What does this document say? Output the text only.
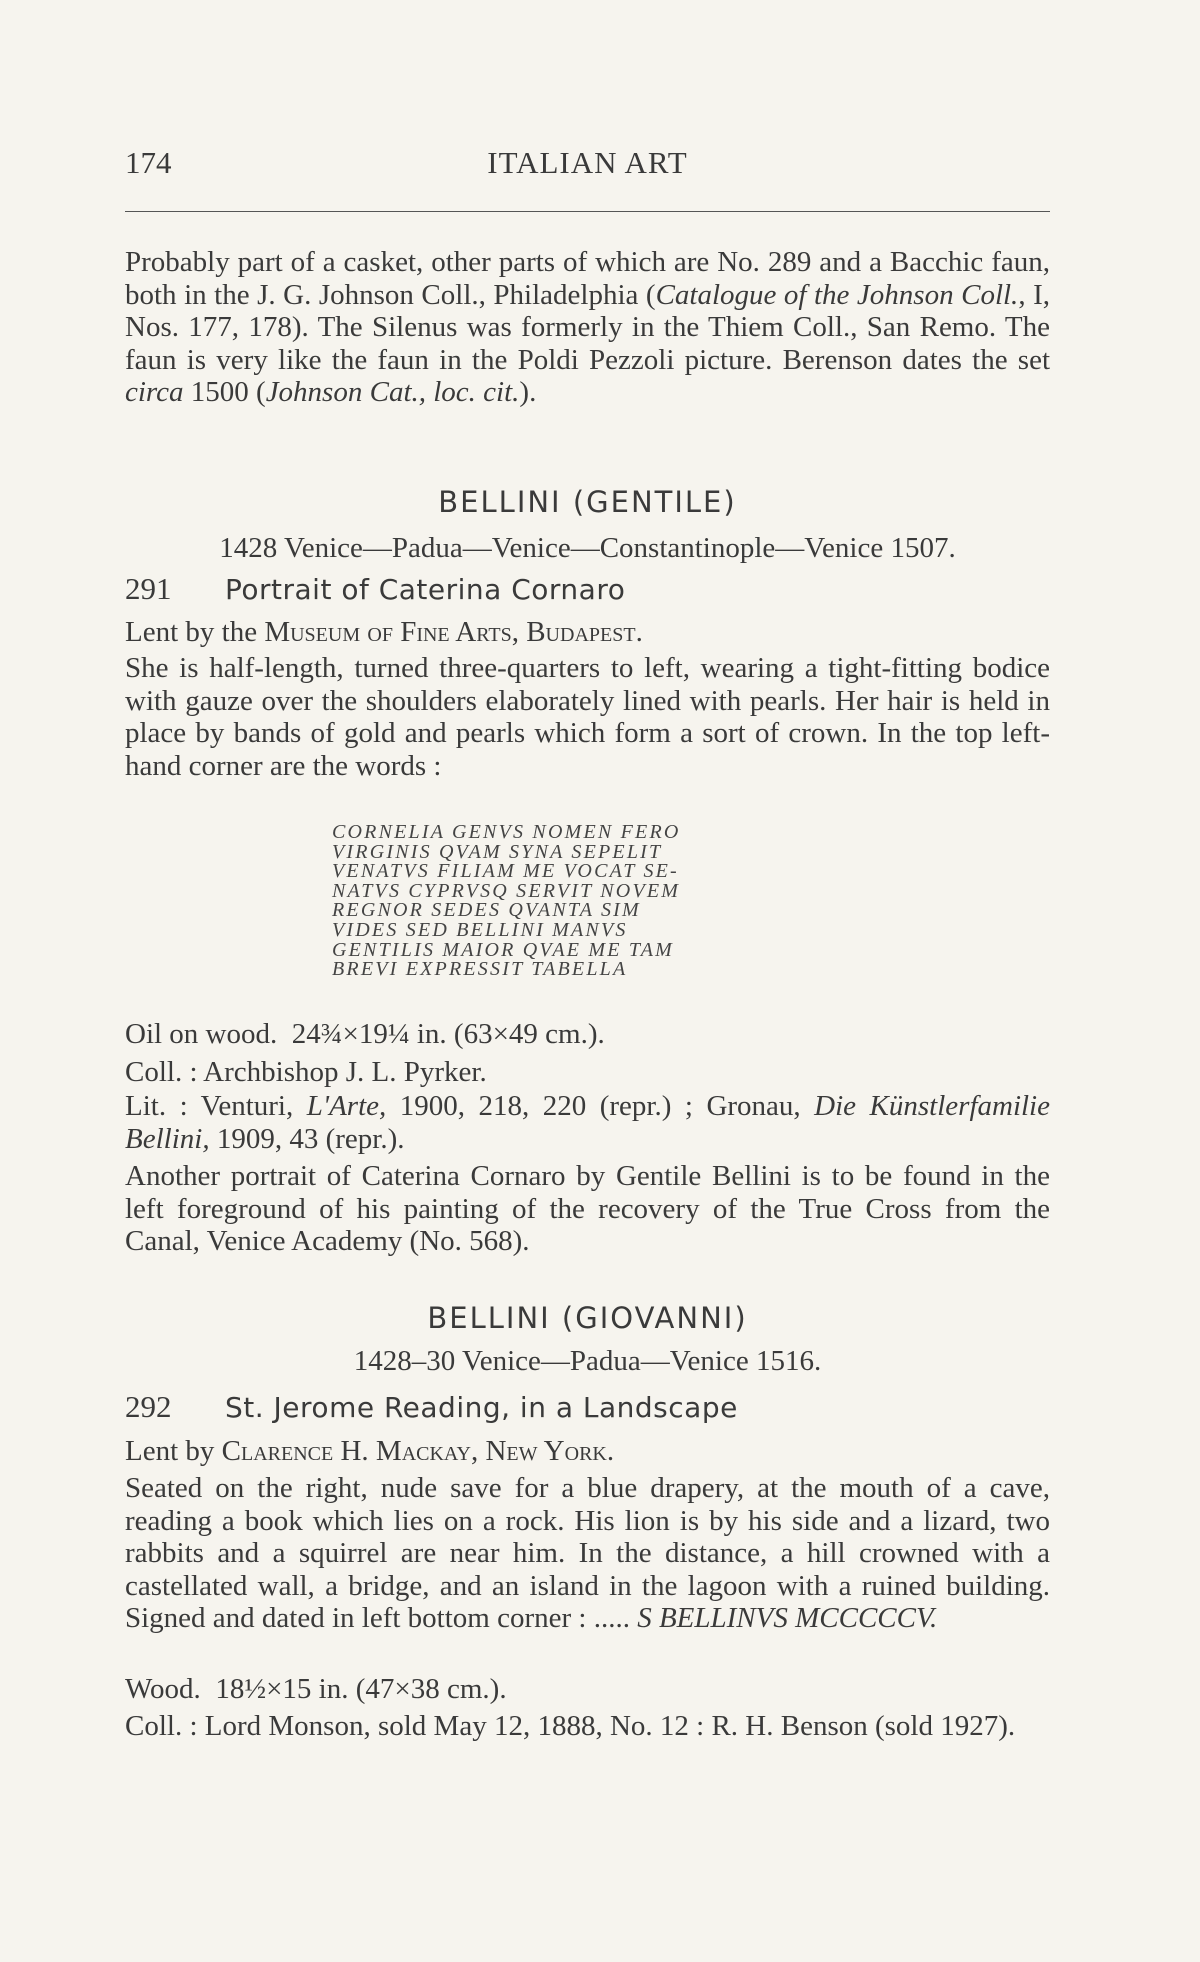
174	ITALIAN ART

Probably part of a casket, other parts of which are No. 289 and a Bacchic faun, both in the J. G. Johnson Coll., Philadelphia (Catalogue of the Johnson Coll., I, Nos. 177, 178). The Silenus was formerly in the Thiem Coll., San Remo. The faun is very like the faun in the Poldi Pezzoli picture. Berenson dates the set circa 1500 (Johnson Cat., loc. cit.).

BELLINI (GENTILE)
1428 Venice—Padua—Venice—Constantinople—Venice 1507.
291 Portrait of Caterina Cornaro
Lent by the Museum of Fine Arts, Budapest.

She is half-length, turned three-quarters to left, wearing a tight-fitting bodice with gauze over the shoulders elaborately lined with pearls. Her hair is held in place by bands of gold and pearls which form a sort of crown. In the top left-hand corner are the words :

CORNELIA GENVS NOMEN FERO
VIRGINIS QVAM SYNA SEPELIT
VENATVS FILIAM ME VOCAT SE-
NATVS CYPRVSQ SERVIT NOVEM
REGNOR SEDES QVANTA SIM
VIDES SED BELLINI MANVS
GENTILIS MAIOR QVAE ME TAM
BREVI EXPRESSIT TABELLA
Oil on wood. 24¾×19¼ in. (63×49 cm.).
Coll. : Archbishop J. L. Pyrker.

Lit. : Venturi, L'Arte, 1900, 218, 220 (repr.) ; Gronau, Die Künstlerfamilie Bellini, 1909, 43 (repr.).

Another portrait of Caterina Cornaro by Gentile Bellini is to be found in the left foreground of his painting of the recovery of the True Cross from the Canal, Venice Academy (No. 568).

BELLINI (GIOVANNI)
1428–30 Venice—Padua—Venice 1516.
292 St. Jerome Reading, in a Landscape
Lent by Clarence H. Mackay, New York.

Seated on the right, nude save for a blue drapery, at the mouth of a cave, reading a book which lies on a rock. His lion is by his side and a lizard, two rabbits and a squirrel are near him. In the distance, a hill crowned with a castellated wall, a bridge, and an island in the lagoon with a ruined building. Signed and dated in left bottom corner : ..... S BELLINVS MCCCCCV.

Wood. 18½×15 in. (47×38 cm.).

Coll. : Lord Monson, sold May 12, 1888, No. 12 : R. H. Benson (sold 1927).
